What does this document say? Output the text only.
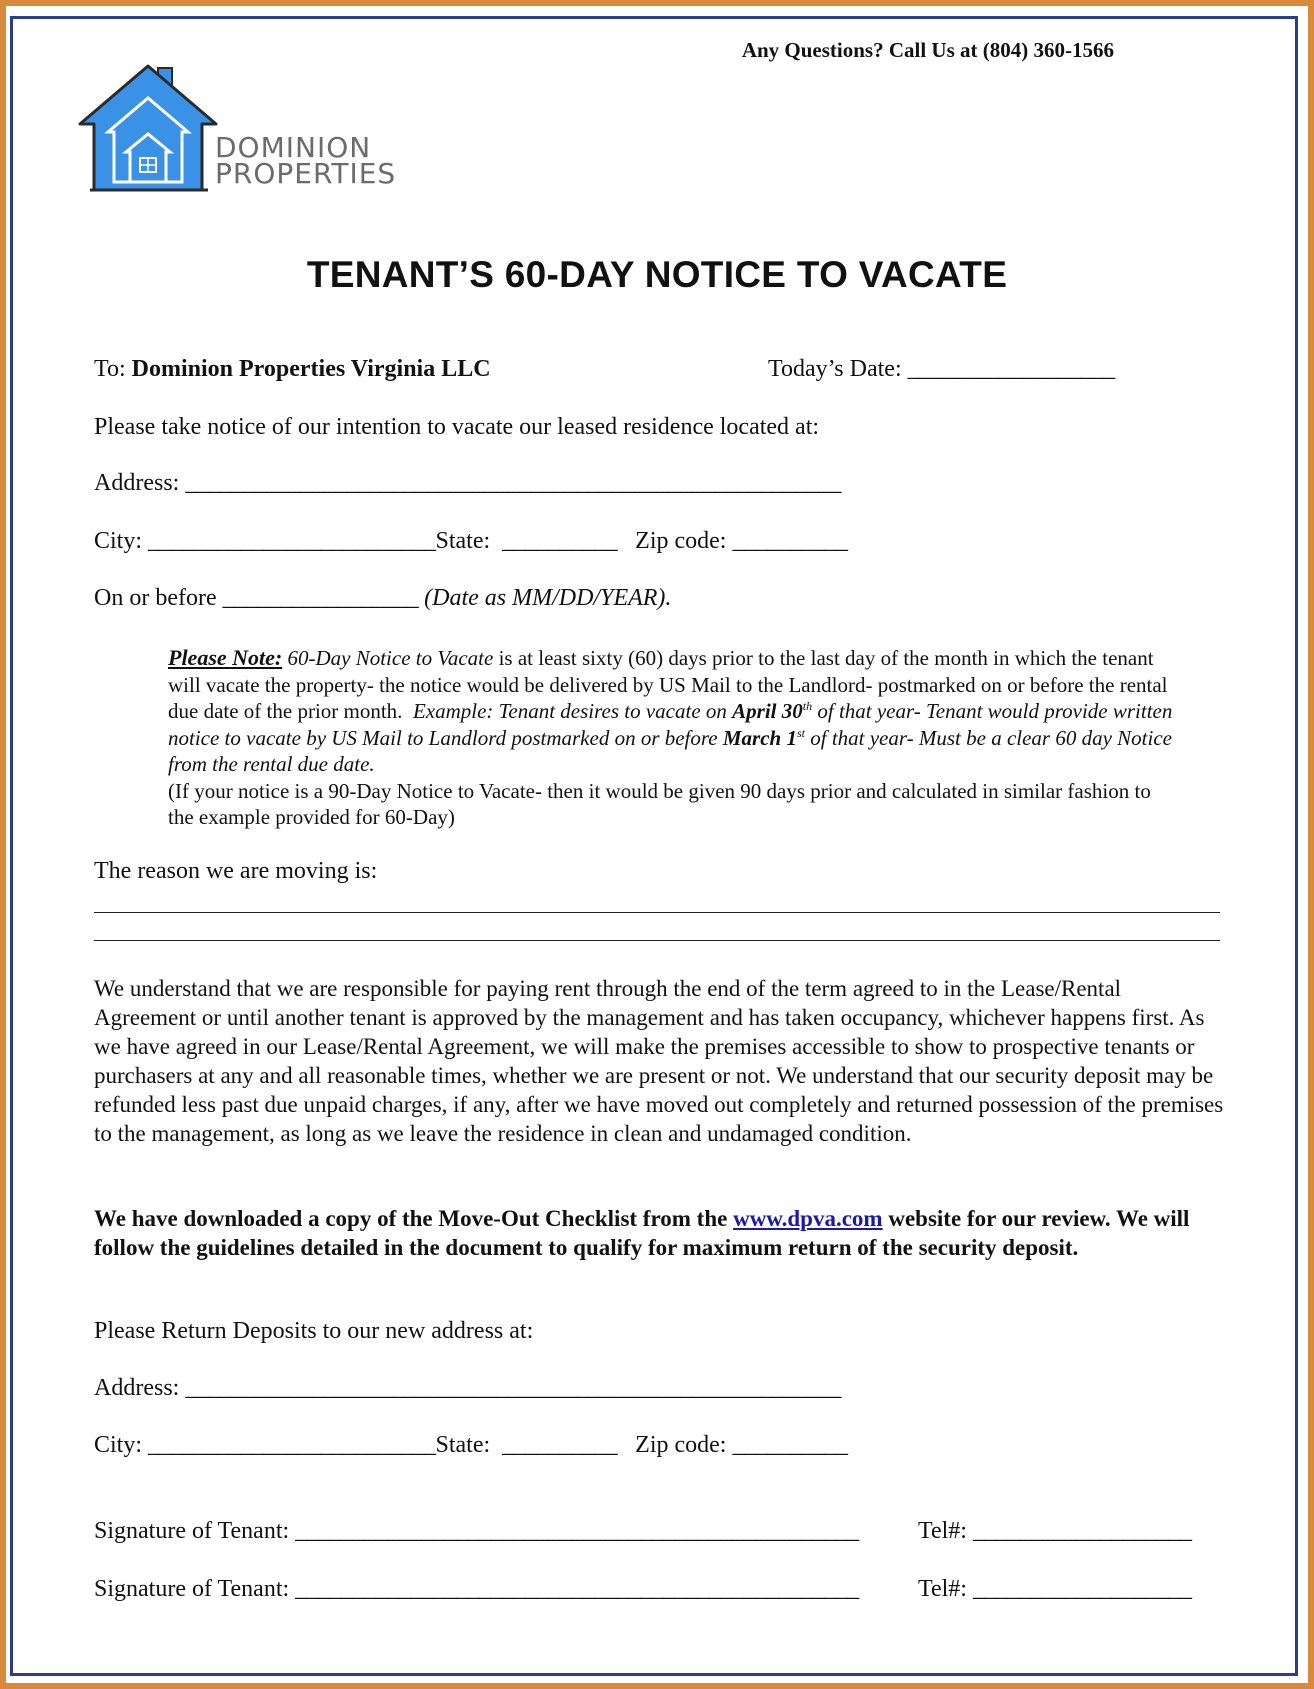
Any Questions? Call Us at (804) 360-1566
DOMINION
PROPERTIES
TENANT’S 60-DAY NOTICE TO VACATE
To: Dominion Properties Virginia LLC	Today’s Date: __________________
Please take notice of our intention to vacate our leased residence located at:
Address: _________________________________________________________
City: _________________________State: __________ Zip code: __________
On or before _________________ (Date as MM/DD/YEAR).

Please Note: 60-Day Notice to Vacate is at least sixty (60) days prior to the last day of the month in which the tenant will vacate the property- the notice would be delivered by US Mail to the Landlord- postmarked on or before the rental due date of the prior month. Example: Tenant desires to vacate on April 30th of that year- Tenant would provide written notice to vacate by US Mail to Landlord postmarked on or before March 1st of that year- Must be a clear 60 day Notice from the rental due date.

(If your notice is a 90-Day Notice to Vacate- then it would be given 90 days prior and calculated in similar fashion to the example provided for 60-Day)

The reason we are moving is:

We understand that we are responsible for paying rent through the end of the term agreed to in the Lease/Rental Agreement or until another tenant is approved by the management and has taken occupancy, whichever happens first. As we have agreed in our Lease/Rental Agreement, we will make the premises accessible to show to prospective tenants or purchasers at any and all reasonable times, whether we are present or not. We understand that our security deposit may be refunded less past due unpaid charges, if any, after we have moved out completely and returned possession of the premises to the management, as long as we leave the residence in clean and undamaged condition.

We have downloaded a copy of the Move-Out Checklist from the www.dpva.com website for our review. We will follow the guidelines detailed in the document to qualify for maximum return of the security deposit.

Please Return Deposits to our new address at:
Address: _________________________________________________________
City: _________________________State: __________ Zip code: __________
Signature of Tenant: _________________________________________________ Tel#: ___________________
Signature of Tenant: _________________________________________________ Tel#: ___________________
